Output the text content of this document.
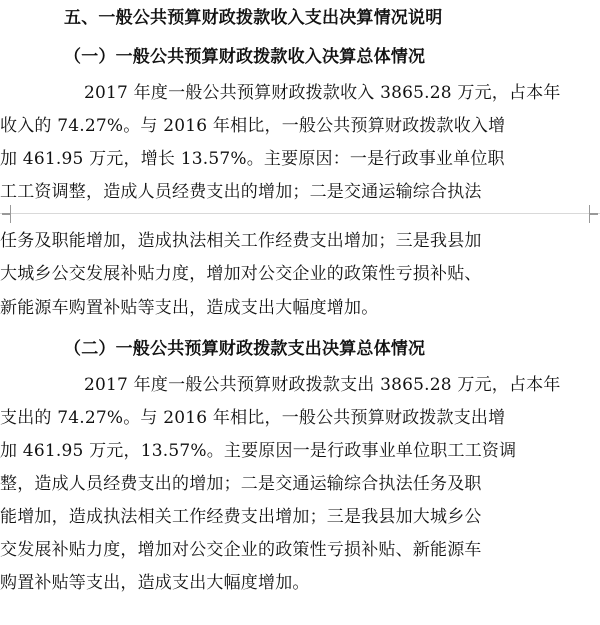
五、一般公共预算财政拨款收入支出决算情况说明
（一）一般公共预算财政拨款收入决算总体情况
2017 年度一般公共预算财政拨款收入 3865.28 万元，占本年
收入的 74.27%。与 2016 年相比，一般公共预算财政拨款收入增
加 461.95 万元，增长 13.57%。主要原因：一是行政事业单位职
工工资调整，造成人员经费支出的增加；二是交通运输综合执法
任务及职能增加，造成执法相关工作经费支出增加；三是我县加
大城乡公交发展补贴力度，增加对公交企业的政策性亏损补贴、
新能源车购置补贴等支出，造成支出大幅度增加。
（二）一般公共预算财政拨款支出决算总体情况
2017 年度一般公共预算财政拨款支出 3865.28 万元，占本年
支出的 74.27%。与 2016 年相比，一般公共预算财政拨款支出增
加 461.95 万元，13.57%。主要原因一是行政事业单位职工工资调
整，造成人员经费支出的增加；二是交通运输综合执法任务及职
能增加，造成执法相关工作经费支出增加；三是我县加大城乡公
交发展补贴力度，增加对公交企业的政策性亏损补贴、新能源车
购置补贴等支出，造成支出大幅度增加。
